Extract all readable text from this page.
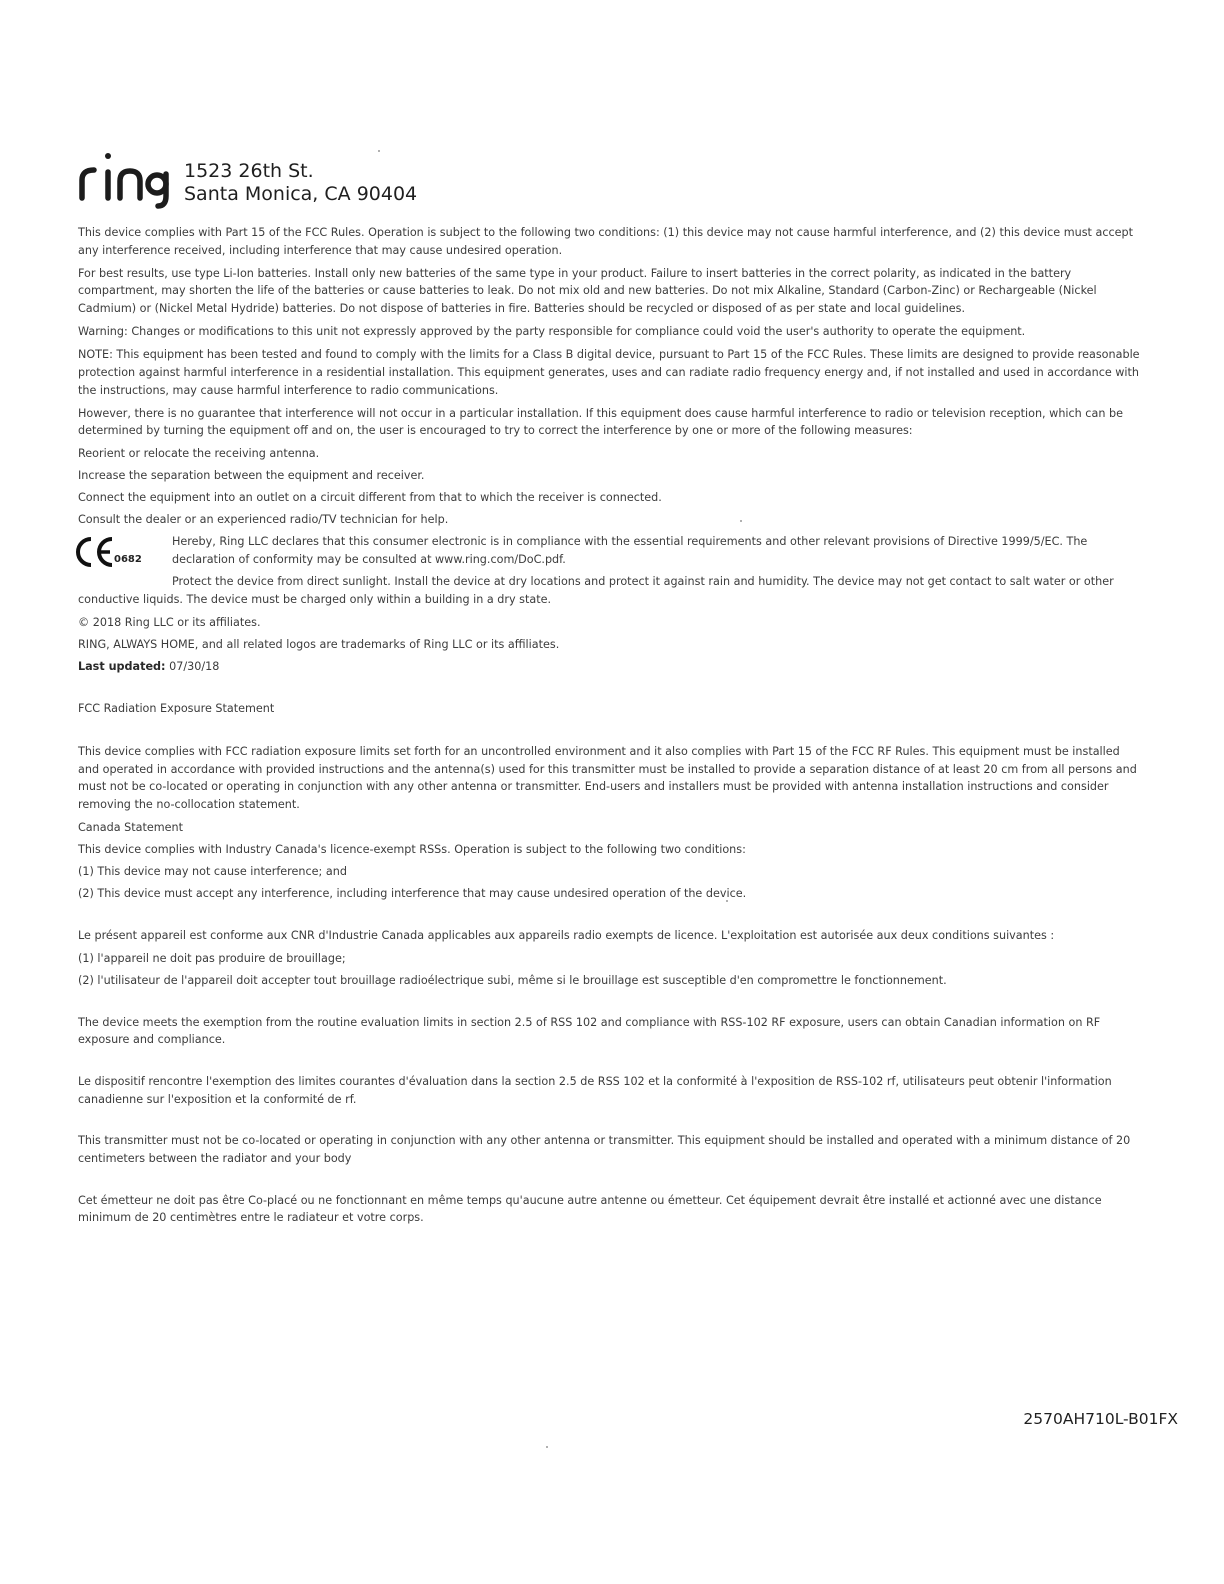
1523 26th St.
Santa Monica, CA 90404

This device complies with Part 15 of the FCC Rules. Operation is subject to the following two conditions: (1) this device may not cause harmful interference, and (2) this device must accept any interference received, including interference that may cause undesired operation.

For best results, use type Li-Ion batteries. Install only new batteries of the same type in your product. Failure to insert batteries in the correct polarity, as indicated in the battery compartment, may shorten the life of the batteries or cause batteries to leak. Do not mix old and new batteries. Do not mix Alkaline, Standard (Carbon-Zinc) or Rechargeable (Nickel Cadmium) or (Nickel Metal Hydride) batteries. Do not dispose of batteries in fire. Batteries should be recycled or disposed of as per state and local guidelines.

Warning: Changes or modifications to this unit not expressly approved by the party responsible for compliance could void the user's authority to operate the equipment.

NOTE: This equipment has been tested and found to comply with the limits for a Class B digital device, pursuant to Part 15 of the FCC Rules. These limits are designed to provide reasonable protection against harmful interference in a residential installation. This equipment generates, uses and can radiate radio frequency energy and, if not installed and used in accordance with the instructions, may cause harmful interference to radio communications.

However, there is no guarantee that interference will not occur in a particular installation. If this equipment does cause harmful interference to radio or television reception, which can be determined by turning the equipment off and on, the user is encouraged to try to correct the interference by one or more of the following measures:

Reorient or relocate the receiving antenna.

Increase the separation between the equipment and receiver.

Connect the equipment into an outlet on a circuit different from that to which the receiver is connected.

Consult the dealer or an experienced radio/TV technician for help.

0682

Hereby, Ring LLC declares that this consumer electronic is in compliance with the essential requirements and other relevant provisions of Directive 1999/5/EC. The declaration of conformity may be consulted at www.ring.com/DoC.pdf.

Protect the device from direct sunlight. Install the device at dry locations and protect it against rain and humidity. The device may not get contact to salt water or other conductive liquids. The device must be charged only within a building in a dry state.

© 2018 Ring LLC or its affiliates.

RING, ALWAYS HOME, and all related logos are trademarks of Ring LLC or its affiliates.

Last updated: 07/30/18

FCC Radiation Exposure Statement

This device complies with FCC radiation exposure limits set forth for an uncontrolled environment and it also complies with Part 15 of the FCC RF Rules. This equipment must be installed and operated in accordance with provided instructions and the antenna(s) used for this transmitter must be installed to provide a separation distance of at least 20 cm from all persons and must not be co-located or operating in conjunction with any other antenna or transmitter. End-users and installers must be provided with antenna installation instructions and consider removing the no-collocation statement.

Canada Statement

This device complies with Industry Canada's licence-exempt RSSs. Operation is subject to the following two conditions:

(1) This device may not cause interference; and

(2) This device must accept any interference, including interference that may cause undesired operation of the device.

Le présent appareil est conforme aux CNR d'Industrie Canada applicables aux appareils radio exempts de licence. L'exploitation est autorisée aux deux conditions suivantes :

(1) l'appareil ne doit pas produire de brouillage;

(2) l'utilisateur de l'appareil doit accepter tout brouillage radioélectrique subi, même si le brouillage est susceptible d'en compromettre le fonctionnement.

The device meets the exemption from the routine evaluation limits in section 2.5 of RSS 102 and compliance with RSS-102 RF exposure, users can obtain Canadian information on RF exposure and compliance.

Le dispositif rencontre l'exemption des limites courantes d'évaluation dans la section 2.5 de RSS 102 et la conformité à l'exposition de RSS-102 rf, utilisateurs peut obtenir l'information canadienne sur l'exposition et la conformité de rf.

This transmitter must not be co-located or operating in conjunction with any other antenna or transmitter. This equipment should be installed and operated with a minimum distance of 20 centimeters between the radiator and your body

Cet émetteur ne doit pas être Co-placé ou ne fonctionnant en même temps qu'aucune autre antenne ou émetteur. Cet équipement devrait être installé et actionné avec une distance minimum de 20 centimètres entre le radiateur et votre corps.

2570AH710L-B01FX
